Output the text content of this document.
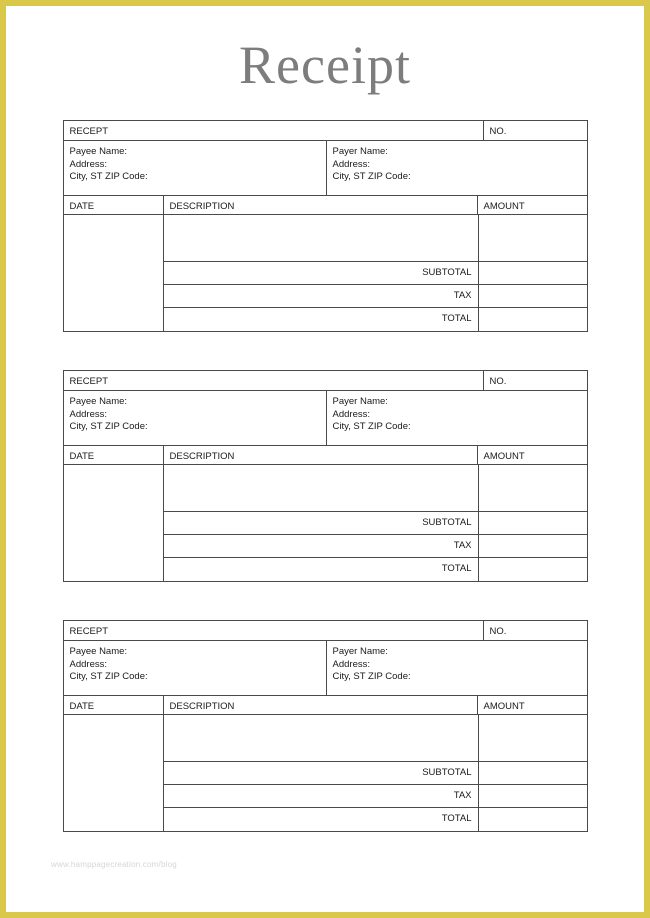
Receipt
RECEPT	NO.
Payee Name:
Address:
City, ST ZIP Code:
Payer Name:
Address:
City, ST ZIP Code:
DATE	DESCRIPTION	AMOUNT
SUBTOTAL
TAX
TOTAL
RECEPT	NO.
Payee Name:
Address:
City, ST ZIP Code:
Payer Name:
Address:
City, ST ZIP Code:
DATE	DESCRIPTION	AMOUNT
SUBTOTAL
TAX
TOTAL
RECEPT	NO.
Payee Name:
Address:
City, ST ZIP Code:
Payer Name:
Address:
City, ST ZIP Code:
DATE	DESCRIPTION	AMOUNT
SUBTOTAL
TAX
TOTAL
www.hamppagecreation.com/blog
